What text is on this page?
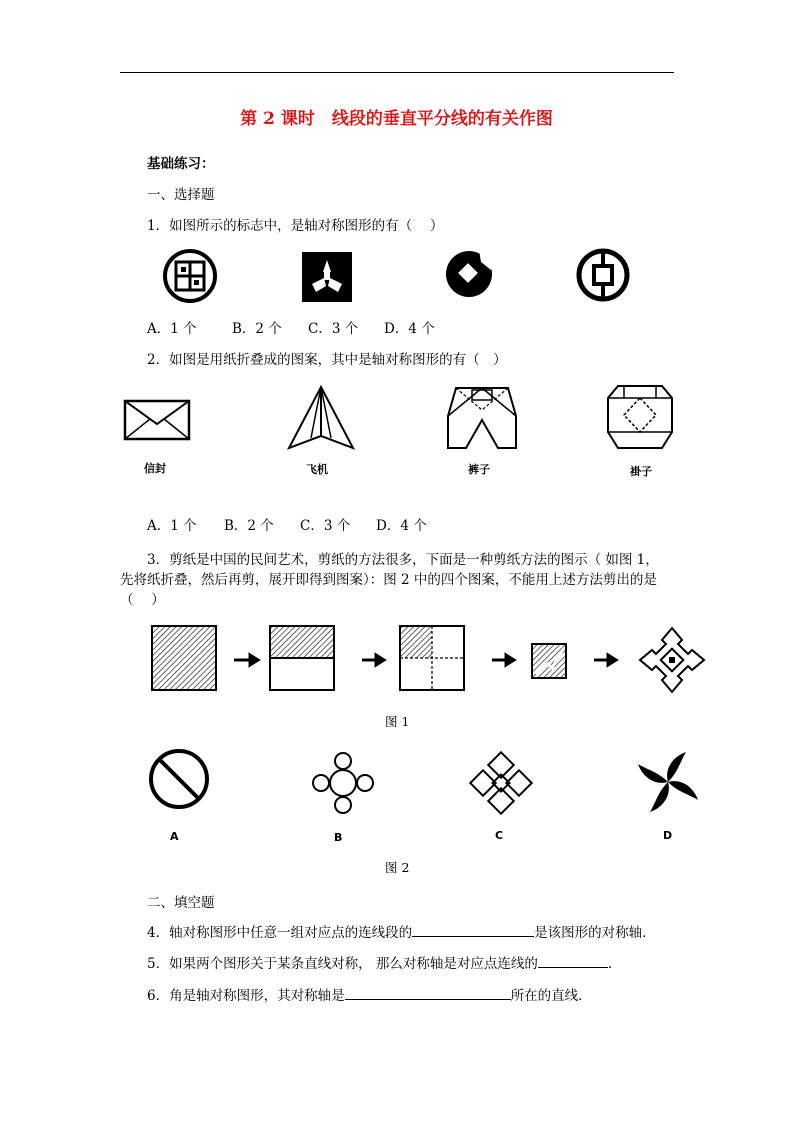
第 2 课时　线段的垂直平分线的有关作图
基础练习：
一、选择题
1．如图所示的标志中，是轴对称图形的有（　 ）
A．1 个	B．2 个 C．3 个 D．4 个
2．如图是用纸折叠成的图案，其中是轴对称图形的有（　）
信封	飞机	裤子	褂子
A．1 个 B．2 个 C．3 个 D．4 个
3．剪纸是中国的民间艺术，剪纸的方法很多，下面是一种剪纸方法的图示（ 如图 1，
先将纸折叠，然后再剪，展开即得到图案）：图 2 中的四个图案，不能用上述方法剪出的是
（　 ）
图 1
A	B	C	D
图 2
二、填空题
4．轴对称图形中任意一组对应点的连线段的	是该图形的对称轴．
5．如果两个图形关于某条直线对称， 那么对称轴是对应点连线的	．
6．角是轴对称图形，其对称轴是	所在的直线．
